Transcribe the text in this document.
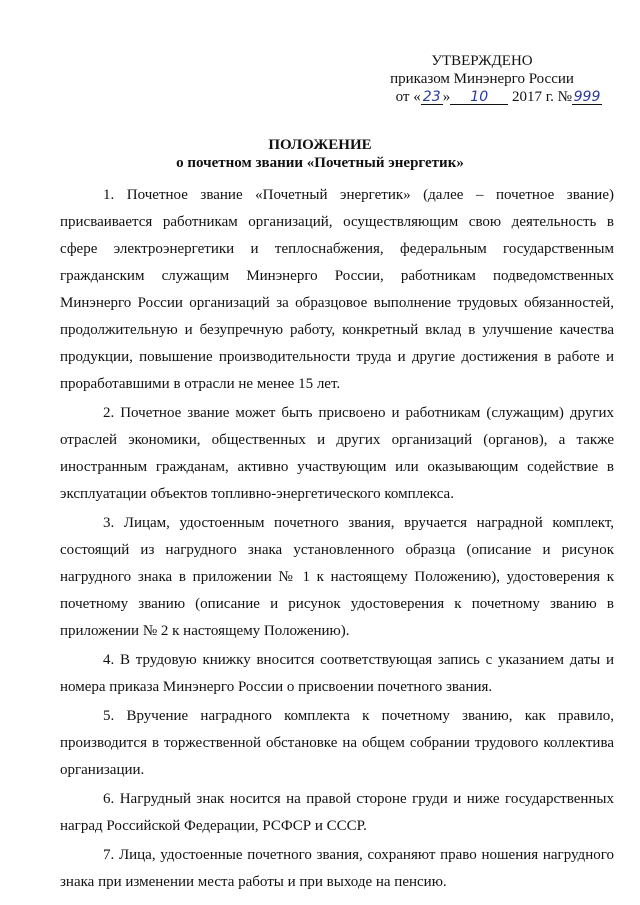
УТВЕРЖДЕНО
приказом Минэнерго России
от « 23 » 10 2017 г. № 999
ПОЛОЖЕНИЕ
о почетном звании «Почетный энергетик»

1. Почетное звание «Почетный энергетик» (далее – почетное звание) присваивается работникам организаций, осуществляющим свою деятельность в сфере электроэнергетики и теплоснабжения, федеральным государственным гражданским служащим Минэнерго России, работникам подведомственных Минэнерго России организаций за образцовое выполнение трудовых обязанностей, продолжительную и безупречную работу, конкретный вклад в улучшение качества продукции, повышение производительности труда и другие достижения в работе и проработавшими в отрасли не менее 15 лет.

2. Почетное звание может быть присвоено и работникам (служащим) других отраслей экономики, общественных и других организаций (органов), а также иностранным гражданам, активно участвующим или оказывающим содействие в эксплуатации объектов топливно-энергетического комплекса.

3. Лицам, удостоенным почетного звания, вручается наградной комплект, состоящий из нагрудного знака установленного образца (описание и рисунок нагрудного знака в приложении № 1 к настоящему Положению), удостоверения к почетному званию (описание и рисунок удостоверения к почетному званию в приложении № 2 к настоящему Положению).

4. В трудовую книжку вносится соответствующая запись с указанием даты и номера приказа Минэнерго России о присвоении почетного звания.

5. Вручение наградного комплекта к почетному званию, как правило, производится в торжественной обстановке на общем собрании трудового коллектива организации.

6. Нагрудный знак носится на правой стороне груди и ниже государственных наград Российской Федерации, РСФСР и СССР.

7. Лица, удостоенные почетного звания, сохраняют право ношения нагрудного знака при изменении места работы и при выходе на пенсию.
